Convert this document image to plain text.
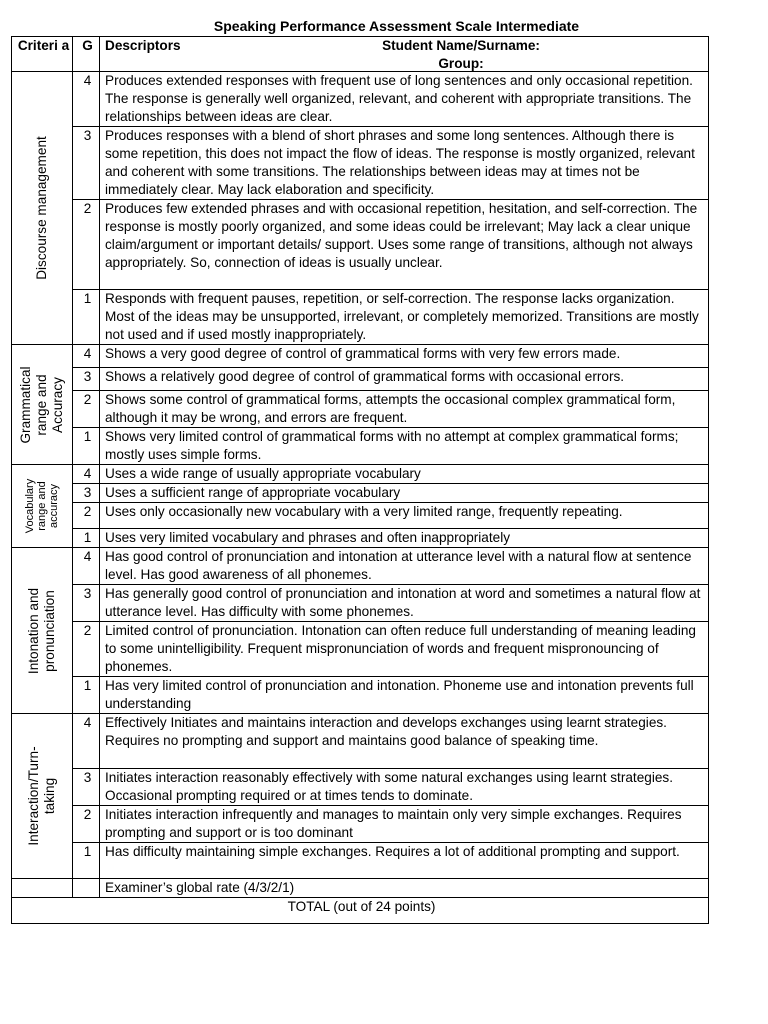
Speaking Performance Assessment Scale Intermediate
Criteri a	G	Descriptors Student Name/Surname:
Group:

Discourse management	4	Produces extended responses with frequent use of long sentences and only occasional repetition. The response is generally well organized, relevant, and coherent with appropriate transitions. The relationships between ideas are clear.
	3	Produces responses with a blend of short phrases and some long sentences. Although there is some repetition, this does not impact the flow of ideas. The response is mostly organized, relevant and coherent with some transitions. The relationships between ideas may at times not be immediately clear. May lack elaboration and specificity.
	2	Produces few extended phrases and with occasional repetition, hesitation, and self-correction. The response is mostly poorly organized, and some ideas could be irrelevant; May lack a clear unique claim/argument or important details/ support. Uses some range of transitions, although not always appropriately. So, connection of ideas is usually unclear.
	1	Responds with frequent pauses, repetition, or self-correction. The response lacks organization. Most of the ideas may be unsupported, irrelevant, or completely memorized. Transitions are mostly not used and if used mostly inappropriately.

Grammatical range and Accuracy	4	Shows a very good degree of control of grammatical forms with very few errors made.
	3	Shows a relatively good degree of control of grammatical forms with occasional errors.
	2	Shows some control of grammatical forms, attempts the occasional complex grammatical form, although it may be wrong, and errors are frequent.
	1	Shows very limited control of grammatical forms with no attempt at complex grammatical forms; mostly uses simple forms.

Vocabulary range and accuracy	4	Uses a wide range of usually appropriate vocabulary
	3	Uses a sufficient range of appropriate vocabulary
	2	Uses only occasionally new vocabulary with a very limited range, frequently repeating.
	1	Uses very limited vocabulary and phrases and often inappropriately

Intonation and pronunciation	4	Has good control of pronunciation and intonation at utterance level with a natural flow at sentence level. Has good awareness of all phonemes.
	3	Has generally good control of pronunciation and intonation at word and sometimes a natural flow at utterance level. Has difficulty with some phonemes.
	2	Limited control of pronunciation. Intonation can often reduce full understanding of meaning leading to some unintelligibility. Frequent mispronunciation of words and frequent mispronouncing of phonemes.
	1	Has very limited control of pronunciation and intonation. Phoneme use and intonation prevents full understanding

Interaction/Turn- taking	4	Effectively Initiates and maintains interaction and develops exchanges using learnt strategies. Requires no prompting and support and maintains good balance of speaking time.
	3	Initiates interaction reasonably effectively with some natural exchanges using learnt strategies. Occasional prompting required or at times tends to dominate.
	2	Initiates interaction infrequently and manages to maintain only very simple exchanges. Requires prompting and support or is too dominant
	1	Has difficulty maintaining simple exchanges. Requires a lot of additional prompting and support.
		Examiner’s global rate (4/3/2/1)
TOTAL (out of 24 points)		
